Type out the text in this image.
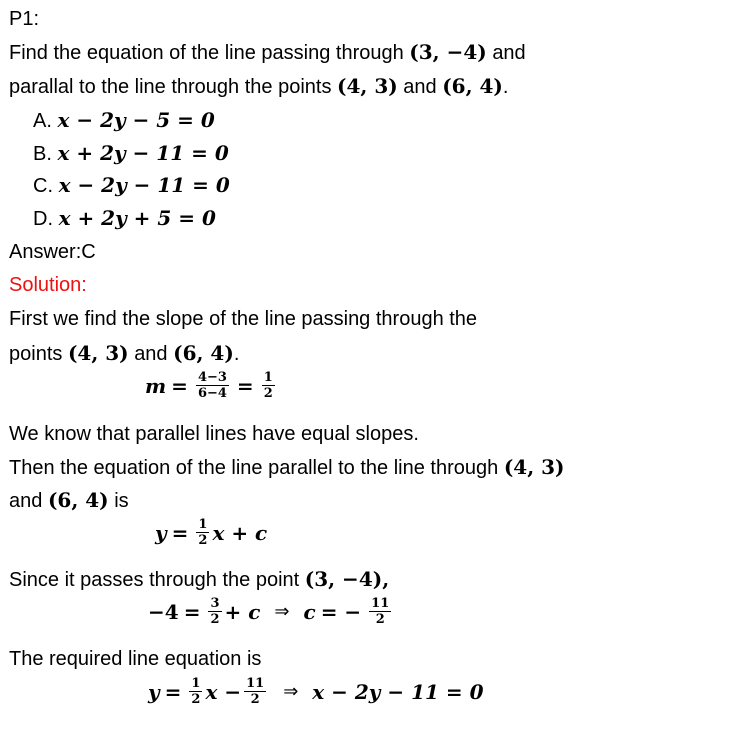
P1:
Find the equation of the line passing through (3, −4) and
parallal to the line through the points (4, 3) and (6, 4).
A. x − 2y − 5 = 0
B. x + 2y − 11 = 0
C. x − 2y − 11 = 0
D. x + 2y + 5 = 0
Answer:C
Solution:
First we find the slope of the line passing through the
points (4, 3) and (6, 4).
$m = \frac{4-3}{6-4} = \frac{1}{2}$
We know that parallel lines have equal slopes.
Then the equation of the line parallel to the line through (4, 3)
and (6, 4) is
$y = \frac{1}{2}$ x + c
Since it passes through the point (3, −4),
$-4 = \frac{3}{2} + c$ ⇒ c = − $\frac{11}{2}$
The required line equation is
$y = \frac{1}{2}$ $x - \frac{11}{2}$ ⇒ x − 2y − 11 = 0
